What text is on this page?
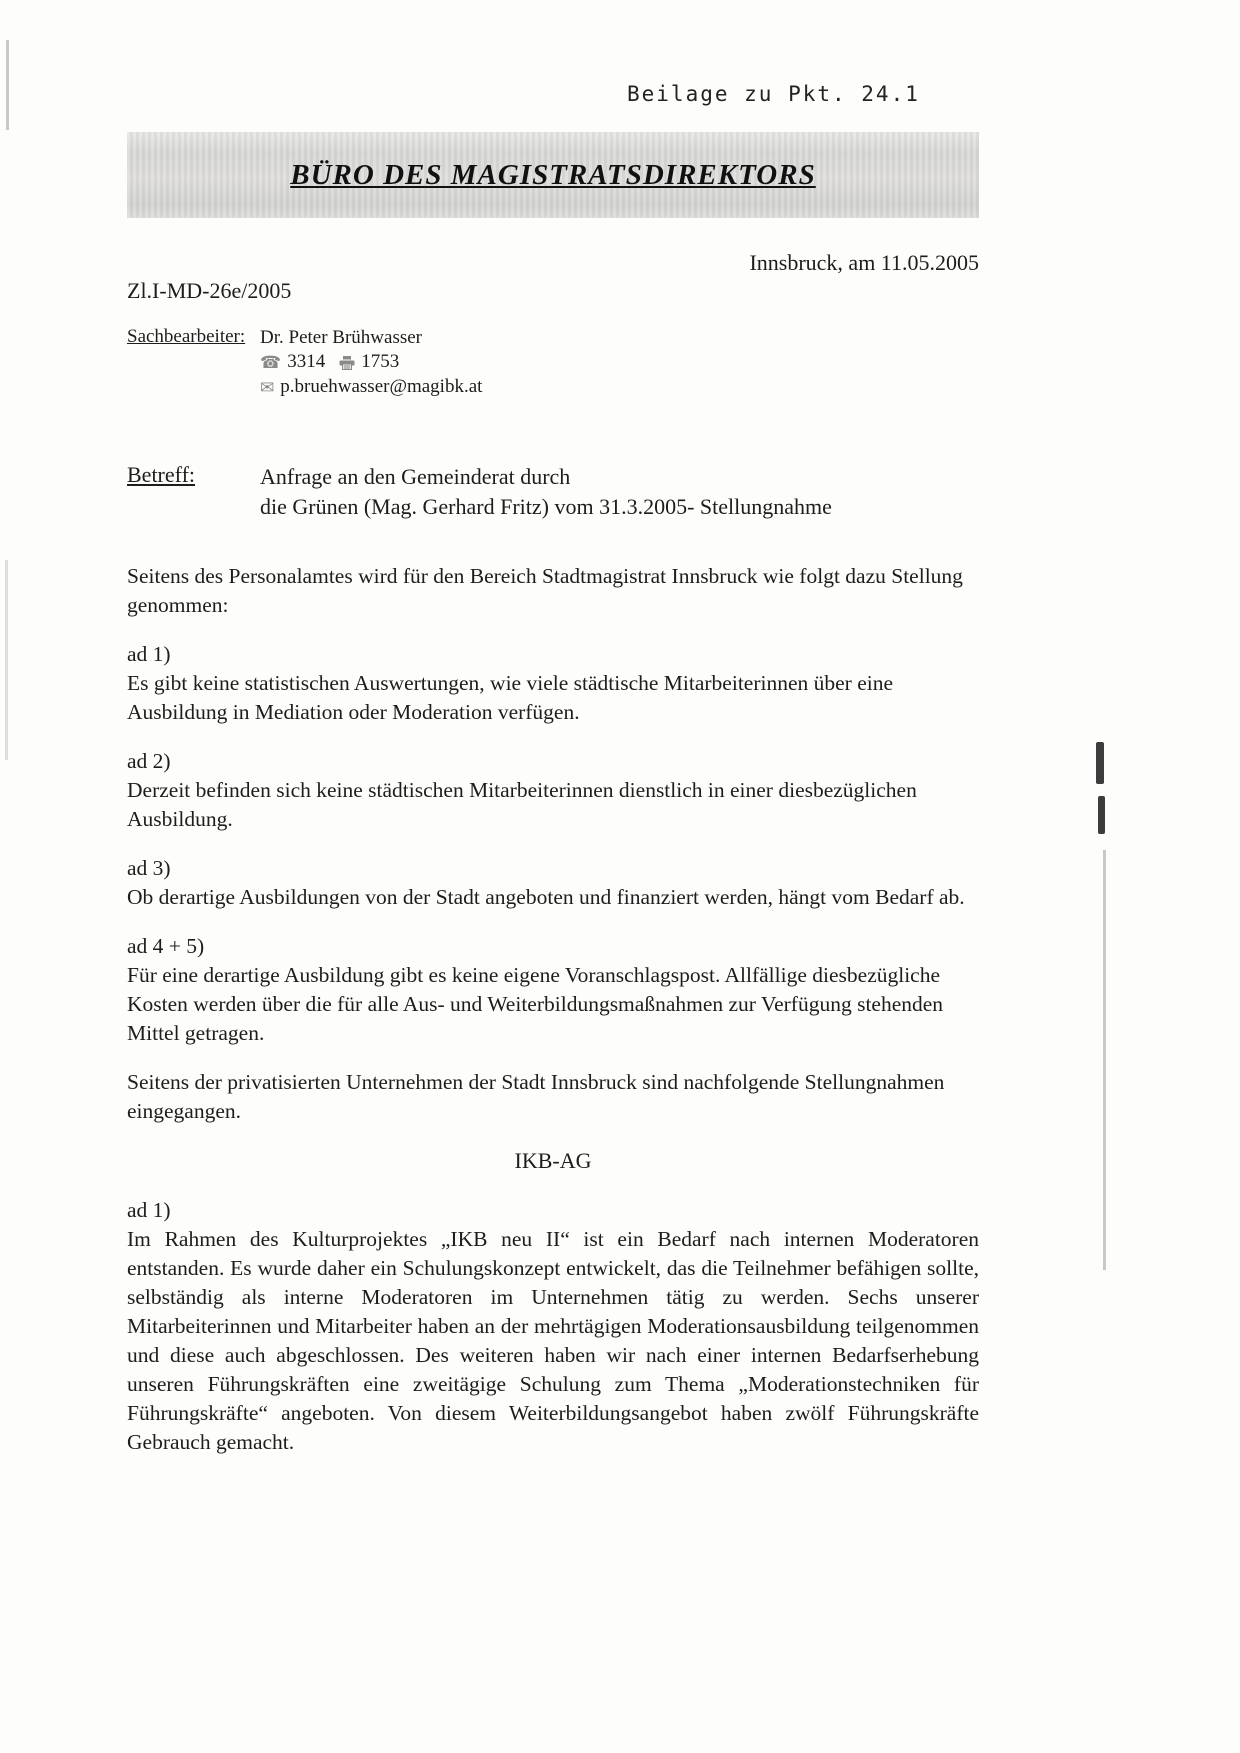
Beilage zu Pkt. 24.1
BÜRO DES MAGISTRATSDIREKTORS
Innsbruck, am 11.05.2005
Zl.I-MD-26e/2005
Sachbearbeiter: Dr. Peter Brühwasser
☎ 3314 1753
✉ p.bruehwasser@magibk.at
Betreff:	Anfrage an den Gemeinderat durch
die Grünen (Mag. Gerhard Fritz) vom 31.3.2005- Stellungnahme

Seitens des Personalamtes wird für den Bereich Stadtmagistrat Innsbruck wie folgt dazu Stellung genommen:

ad 1)

Es gibt keine statistischen Auswertungen, wie viele städtische Mitarbeiterinnen über eine Ausbildung in Mediation oder Moderation verfügen.

ad 2)

Derzeit befinden sich keine städtischen Mitarbeiterinnen dienstlich in einer diesbezüglichen Ausbildung.

ad 3)

Ob derartige Ausbildungen von der Stadt angeboten und finanziert werden, hängt vom Bedarf ab.

ad 4 + 5)

Für eine derartige Ausbildung gibt es keine eigene Voranschlagspost. Allfällige diesbezügliche Kosten werden über die für alle Aus- und Weiterbildungsmaßnahmen zur Verfügung stehenden Mittel getragen.

Seitens der privatisierten Unternehmen der Stadt Innsbruck sind nachfolgende Stellungnahmen eingegangen.

IKB-AG
ad 1)

Im Rahmen des Kulturprojektes „IKB neu II“ ist ein Bedarf nach internen Moderatoren entstanden. Es wurde daher ein Schulungskonzept entwickelt, das die Teilnehmer befähigen sollte, selbständig als interne Moderatoren im Unternehmen tätig zu werden. Sechs unserer Mitarbeiterinnen und Mitarbeiter haben an der mehrtägigen Moderationsausbildung teilgenommen und diese auch abgeschlossen. Des weiteren haben wir nach einer internen Bedarfserhebung unseren Führungskräften eine zweitägige Schulung zum Thema „Moderationstechniken für Führungskräfte“ angeboten. Von diesem Weiterbildungsangebot haben zwölf Führungskräfte Gebrauch gemacht.
